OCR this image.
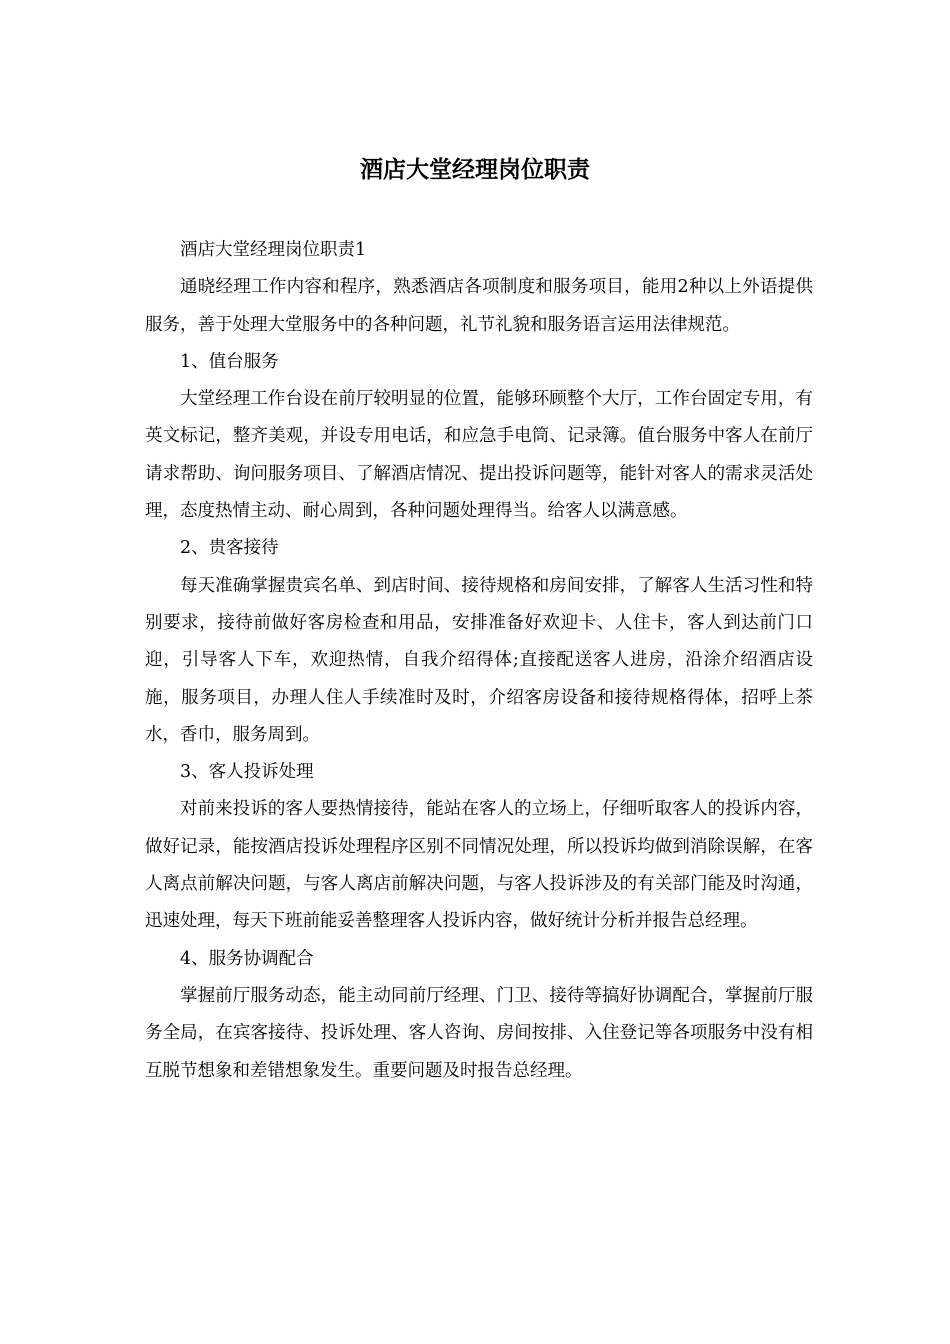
酒店大堂经理岗位职责

酒店大堂经理岗位职责1

通晓经理工作内容和程序，熟悉酒店各项制度和服务项目，能用2种以上外语提供服务，善于处理大堂服务中的各种问题，礼节礼貌和服务语言运用法律规范。

1、值台服务

大堂经理工作台设在前厅较明显的位置，能够环顾整个大厅，工作台固定专用，有英文标记，整齐美观，并设专用电话，和应急手电筒、记录簿。值台服务中客人在前厅请求帮助、询问服务项目、了解酒店情况、提出投诉问题等，能针对客人的需求灵活处理，态度热情主动、耐心周到，各种问题处理得当。给客人以满意感。

2、贵客接待

每天准确掌握贵宾名单、到店时间、接待规格和房间安排，了解客人生活习性和特别要求，接待前做好客房检查和用品，安排准备好欢迎卡、人住卡，客人到达前门口迎，引导客人下车，欢迎热情，自我介绍得体;直接配送客人进房，沿涂介绍酒店设施，服务项目，办理人住人手续准时及时，介绍客房设备和接待规格得体，招呼上茶水，香巾，服务周到。

3、客人投诉处理

对前来投诉的客人要热情接待，能站在客人的立场上，仔细听取客人的投诉内容，做好记录，能按酒店投诉处理程序区别不同情况处理，所以投诉均做到消除误解，在客人离点前解决问题，与客人离店前解决问题，与客人投诉涉及的有关部门能及时沟通，迅速处理，每天下班前能妥善整理客人投诉内容，做好统计分析并报告总经理。

4、服务协调配合

掌握前厅服务动态，能主动同前厅经理、门卫、接待等搞好协调配合，掌握前厅服务全局，在宾客接待、投诉处理、客人咨询、房间按排、入住登记等各项服务中没有相互脱节想象和差错想象发生。重要问题及时报告总经理。
